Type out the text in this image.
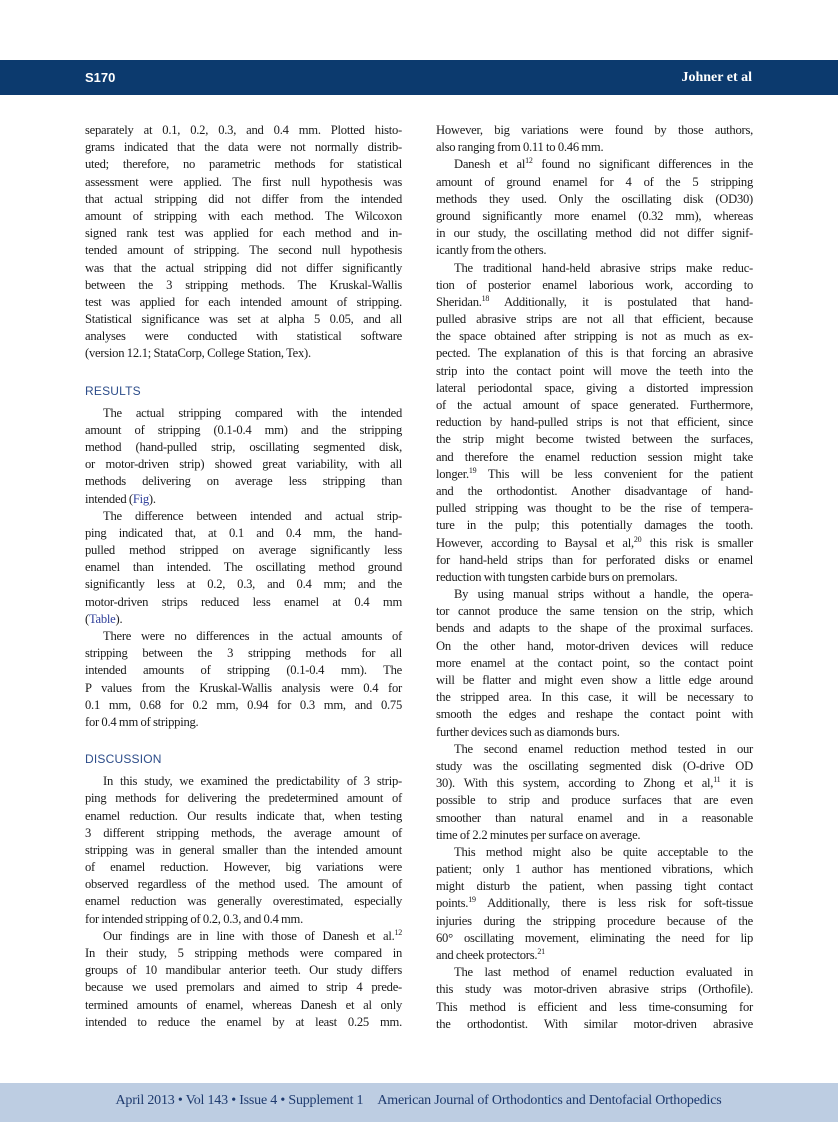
S170	Johner et al
separately at 0.1, 0.2, 0.3, and 0.4 mm. Plotted histo-
grams indicated that the data were not normally distrib-
uted; therefore, no parametric methods for statistical
assessment were applied. The first null hypothesis was
that actual stripping did not differ from the intended
amount of stripping with each method. The Wilcoxon
signed rank test was applied for each method and in-
tended amount of stripping. The second null hypothesis
was that the actual stripping did not differ significantly
between the 3 stripping methods. The Kruskal-Wallis
test was applied for each intended amount of stripping.
Statistical significance was set at alpha 5 0.05, and all
analyses were conducted with statistical software
(version 12.1; StataCorp, College Station, Tex).
RESULTS
The actual stripping compared with the intended
amount of stripping (0.1-0.4 mm) and the stripping
method (hand-pulled strip, oscillating segmented disk,
or motor-driven strip) showed great variability, with all
methods delivering on average less stripping than
intended (Fig).
The difference between intended and actual strip-
ping indicated that, at 0.1 and 0.4 mm, the hand-
pulled method stripped on average significantly less
enamel than intended. The oscillating method ground
significantly less at 0.2, 0.3, and 0.4 mm; and the
motor-driven strips reduced less enamel at 0.4 mm
(Table).
There were no differences in the actual amounts of
stripping between the 3 stripping methods for all
intended amounts of stripping (0.1-0.4 mm). The
P values from the Kruskal-Wallis analysis were 0.4 for
0.1 mm, 0.68 for 0.2 mm, 0.94 for 0.3 mm, and 0.75
for 0.4 mm of stripping.
DISCUSSION
In this study, we examined the predictability of 3 strip-
ping methods for delivering the predetermined amount of
enamel reduction. Our results indicate that, when testing
3 different stripping methods, the average amount of
stripping was in general smaller than the intended amount
of enamel reduction. However, big variations were
observed regardless of the method used. The amount of
enamel reduction was generally overestimated, especially
for intended stripping of 0.2, 0.3, and 0.4 mm.
Our findings are in line with those of Danesh et al.$^{12}$
In their study, 5 stripping methods were compared in
groups of 10 mandibular anterior teeth. Our study differs
because we used premolars and aimed to strip 4 prede-
termined amounts of enamel, whereas Danesh et al only
intended to reduce the enamel by at least 0.25 mm.
However, big variations were found by those authors,
also ranging from 0.11 to 0.46 mm.
Danesh et $al^{12}$ found no significant differences in the
amount of ground enamel for 4 of the 5 stripping
methods they used. Only the oscillating disk (OD30)
ground significantly more enamel (0.32 mm), whereas
in our study, the oscillating method did not differ signif-
icantly from the others.
The traditional hand-held abrasive strips make reduc-
tion of posterior enamel laborious work, according to
Sheridan.$^{18}$ Additionally, it is postulated that hand-
pulled abrasive strips are not all that efficient, because
the space obtained after stripping is not as much as ex-
pected. The explanation of this is that forcing an abrasive
strip into the contact point will move the teeth into the
lateral periodontal space, giving a distorted impression
of the actual amount of space generated. Furthermore,
reduction by hand-pulled strips is not that efficient, since
the strip might become twisted between the surfaces,
and therefore the enamel reduction session might take
longer.$^{19}$ This will be less convenient for the patient
and the orthodontist. Another disadvantage of hand-
pulled stripping was thought to be the rise of tempera-
ture in the pulp; this potentially damages the tooth.
However, according to Baysal et al,$^{20}$ this risk is smaller
for hand-held strips than for perforated disks or enamel
reduction with tungsten carbide burs on premolars.
By using manual strips without a handle, the opera-
tor cannot produce the same tension on the strip, which
bends and adapts to the shape of the proximal surfaces.
On the other hand, motor-driven devices will reduce
more enamel at the contact point, so the contact point
will be flatter and might even show a little edge around
the stripped area. In this case, it will be necessary to
smooth the edges and reshape the contact point with
further devices such as diamonds burs.
The second enamel reduction method tested in our
study was the oscillating segmented disk (O-drive OD
30). With this system, according to Zhong et al,$^{11}$ it is
possible to strip and produce surfaces that are even
smoother than natural enamel and in a reasonable
time of 2.2 minutes per surface on average.
This method might also be quite acceptable to the
patient; only 1 author has mentioned vibrations, which
might disturb the patient, when passing tight contact
points.$^{19}$ Additionally, there is less risk for soft-tissue
injuries during the stripping procedure because of the
60° oscillating movement, eliminating the need for lip
and cheek protectors.$^{21}$
The last method of enamel reduction evaluated in
this study was motor-driven abrasive strips (Orthofile).
This method is efficient and less time-consuming for
the orthodontist. With similar motor-driven abrasive
April 2013 • Vol 143 • Issue 4 • Supplement 1 American Journal of Orthodontics and Dentofacial Orthopedics
